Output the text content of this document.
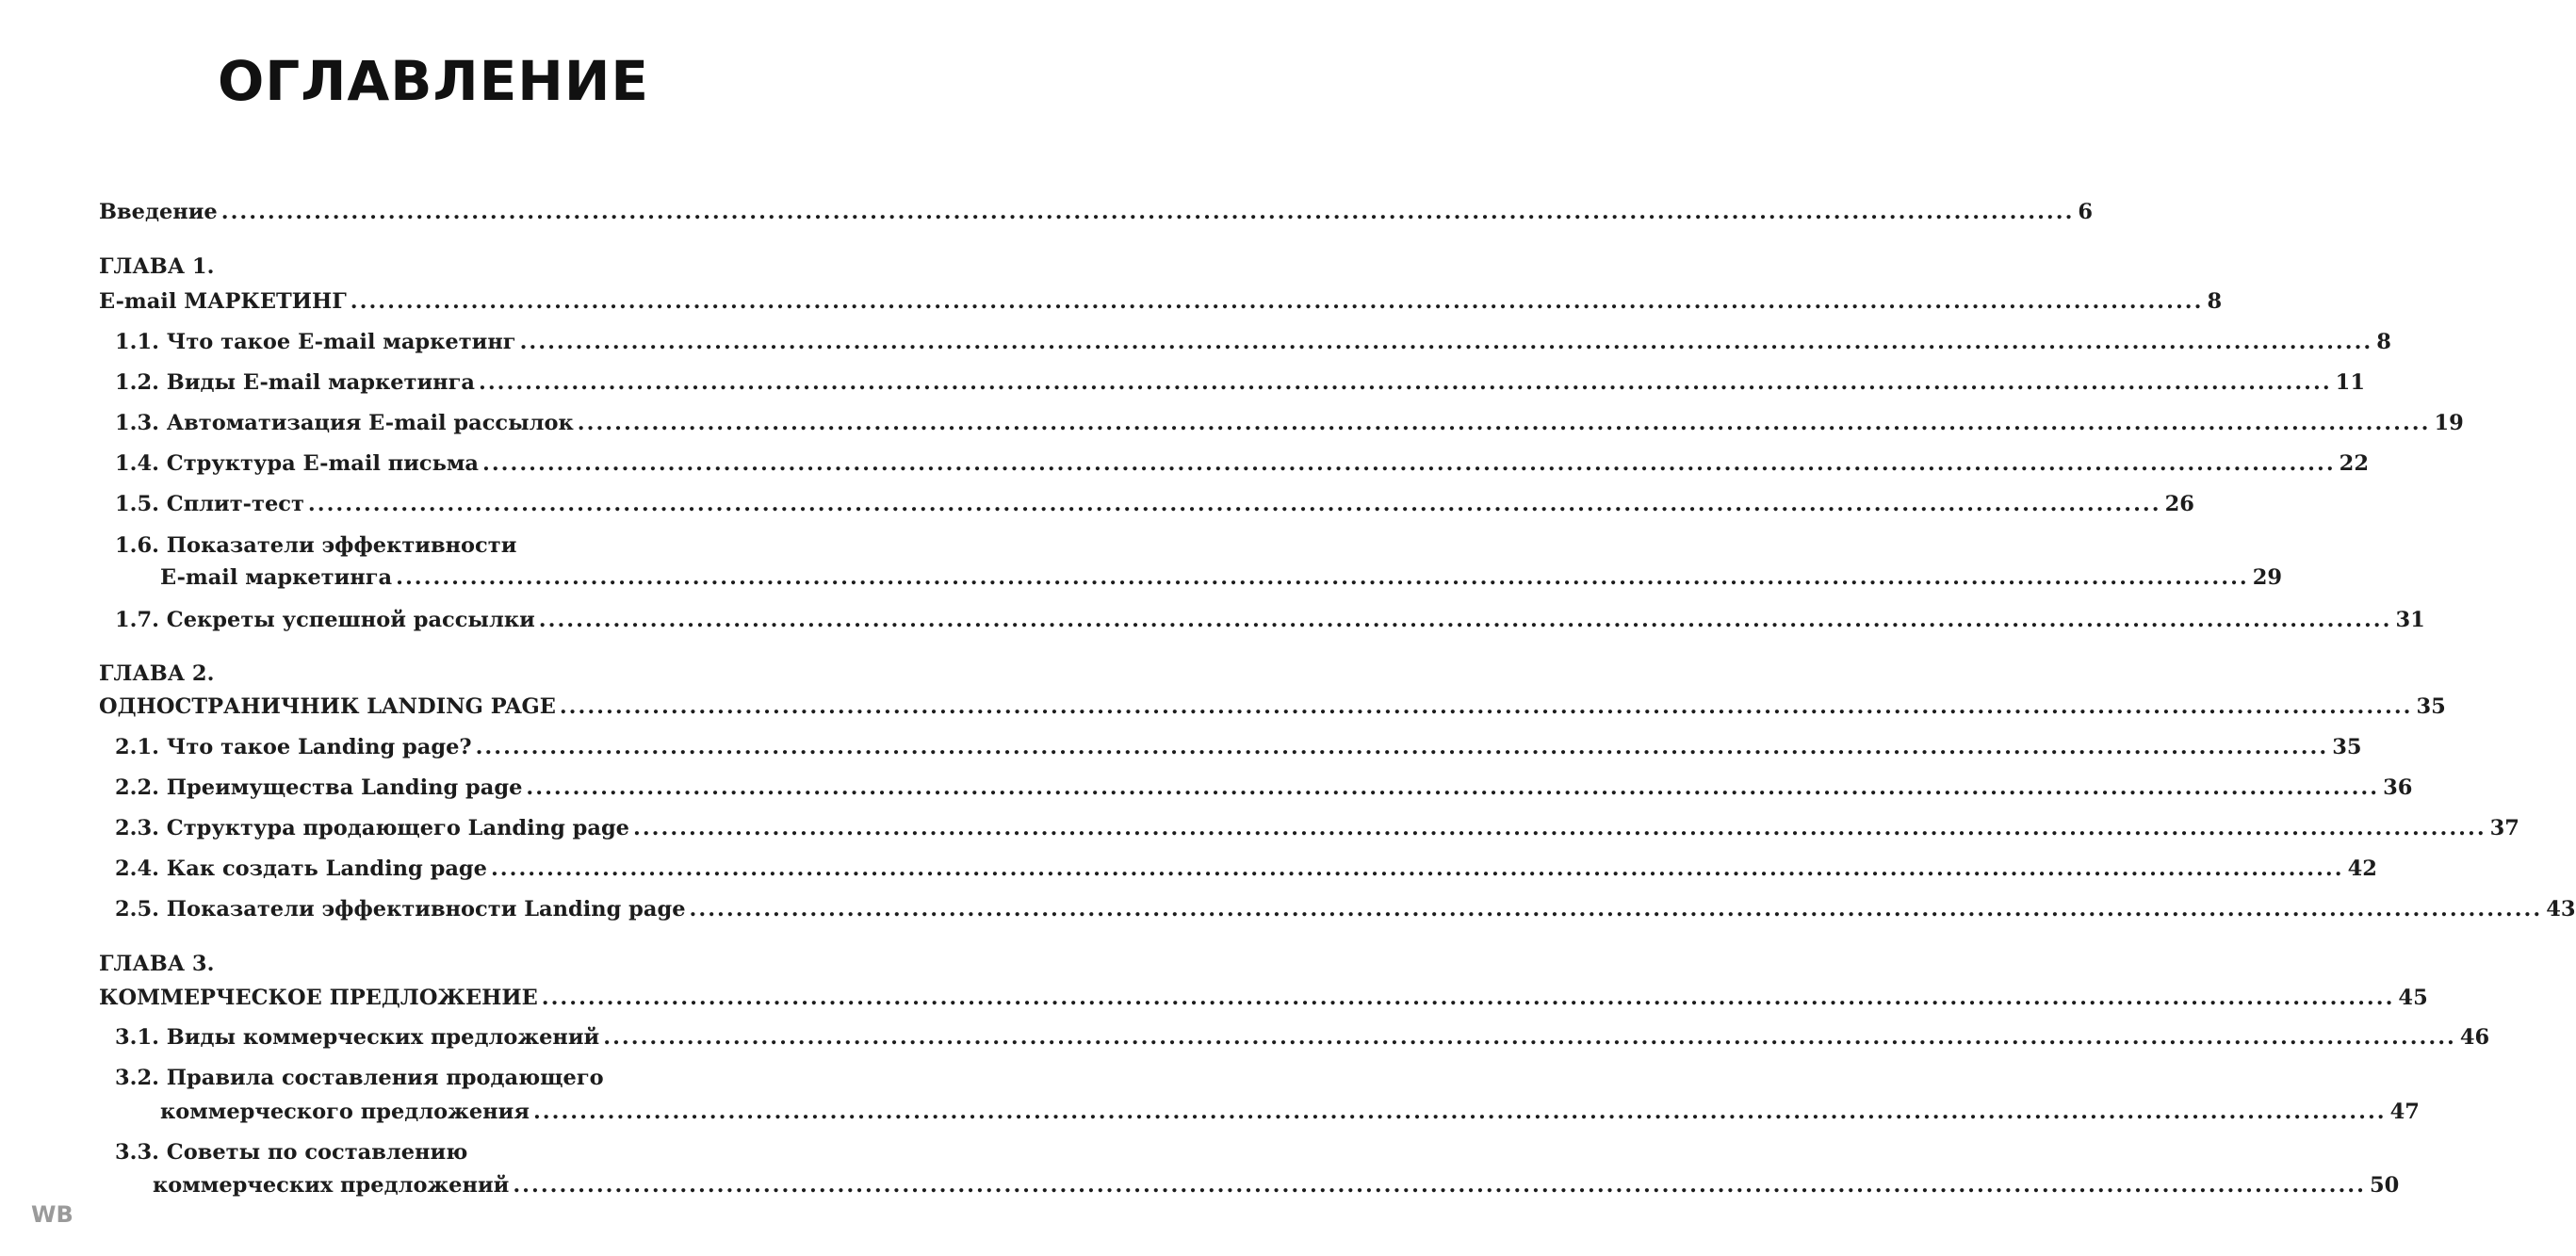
ОГЛАВЛЕНИЕ
Введение ........................................................................................................................................................................................................ 6
ГЛАВА 1.
E-mail МАРКЕТИНГ ........................................................................................................................................................................................................ 8
1.1. Что такое E-mail маркетинг ........................................................................................................................................................................................................ 8
1.2. Виды E-mail маркетинга ........................................................................................................................................................................................................ 11
1.3. Автоматизация E-mail рассылок ........................................................................................................................................................................................................ 19
1.4. Структура E-mail письма ........................................................................................................................................................................................................ 22
1.5. Сплит-тест ........................................................................................................................................................................................................ 26
1.6. Показатели эффективности
E-mail маркетинга ........................................................................................................................................................................................................ 29
1.7. Секреты успешной рассылки ........................................................................................................................................................................................................ 31
ГЛАВА 2.
ОДНОСТРАНИЧНИК LANDING PAGE ........................................................................................................................................................................................................ 35
2.1. Что такое Landing page? ........................................................................................................................................................................................................ 35
2.2. Преимущества Landing page ........................................................................................................................................................................................................ 36
2.3. Структура продающего Landing page ........................................................................................................................................................................................................ 37
2.4. Как создать Landing page ........................................................................................................................................................................................................ 42
2.5. Показатели эффективности Landing page ........................................................................................................................................................................................................ 43
ГЛАВА 3.
КОММЕРЧЕСКОЕ ПРЕДЛОЖЕНИЕ ........................................................................................................................................................................................................ 45
3.1. Виды коммерческих предложений ........................................................................................................................................................................................................ 46
3.2. Правила составления продающего
коммерческого предложения ........................................................................................................................................................................................................ 47
3.3. Советы по составлению
коммерческих предложений ........................................................................................................................................................................................................ 50
WB
